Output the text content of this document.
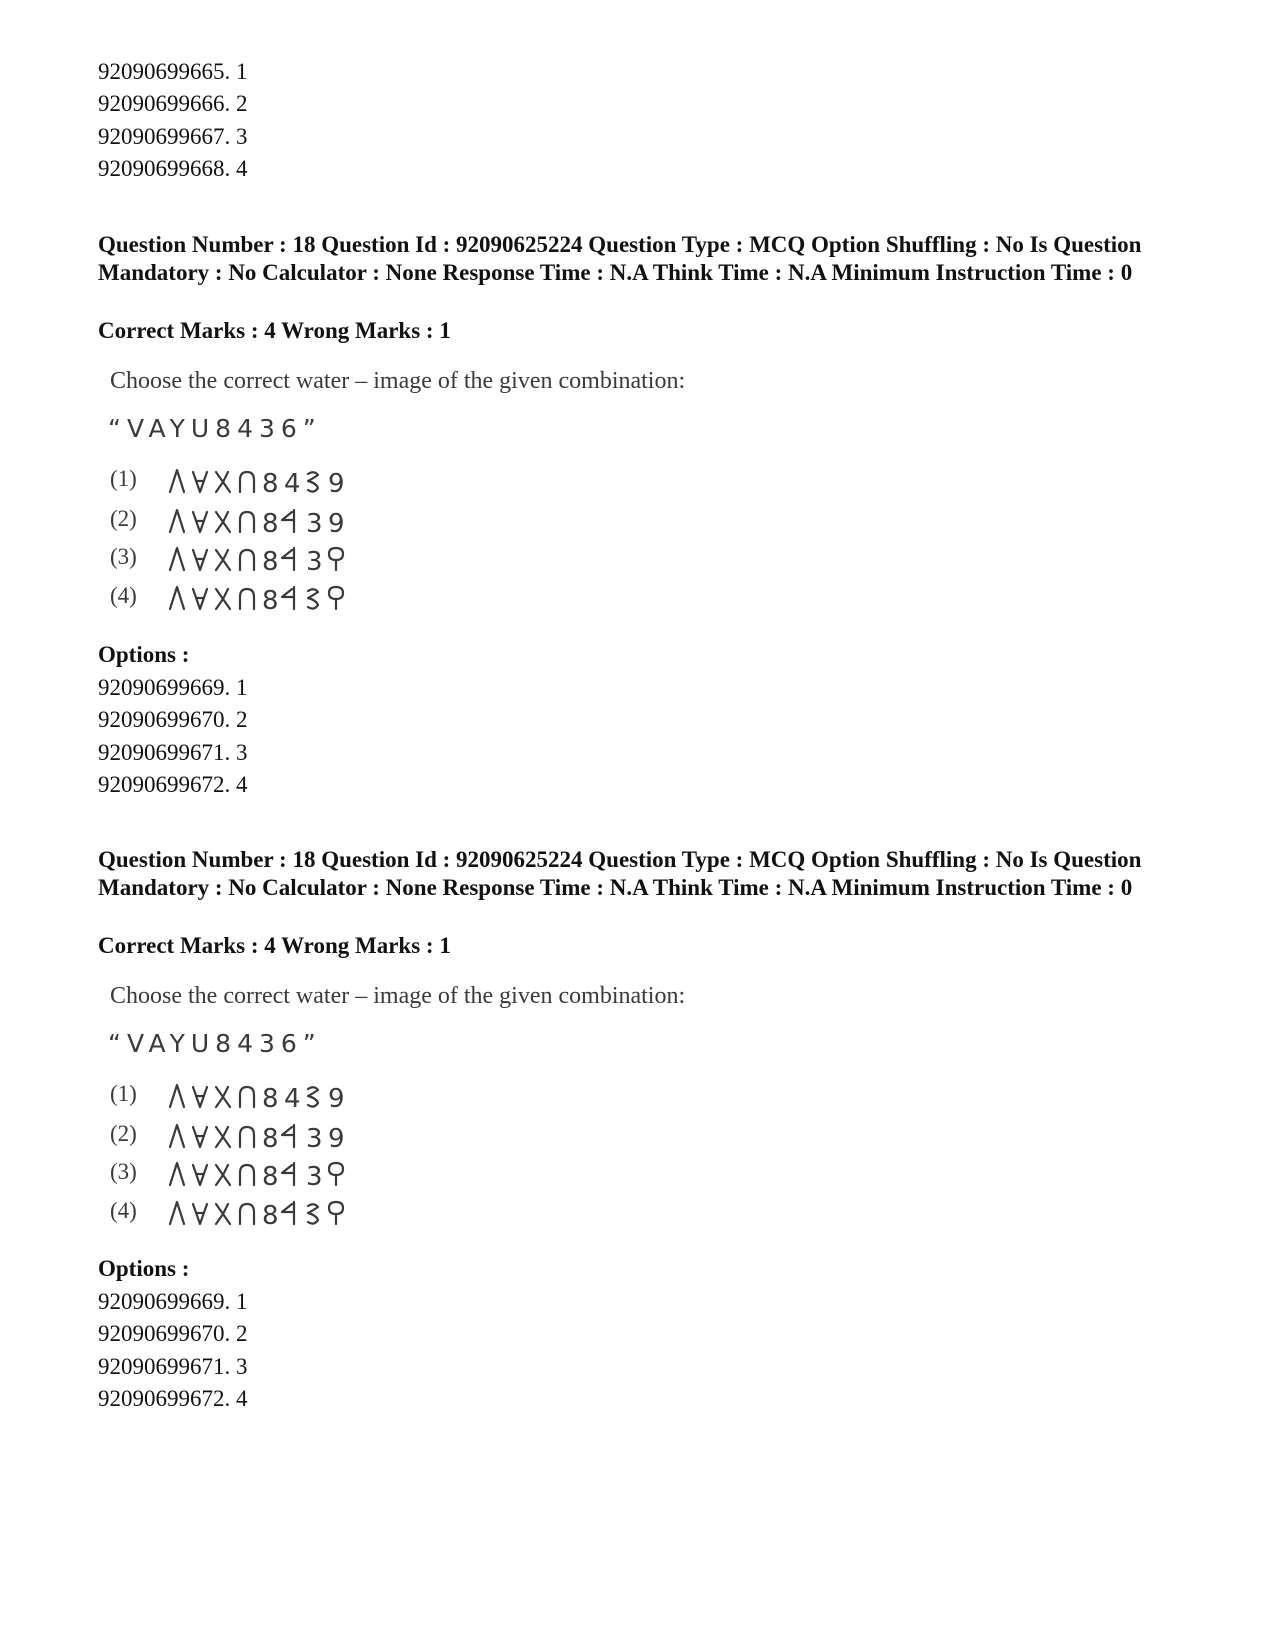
92090699665. 1
92090699666. 2
92090699667. 3
92090699668. 4
Question Number : 18 Question Id : 92090625224 Question Type : MCQ Option Shuffling : No Is Question Mandatory : No Calculator : None Response Time : N.A Think Time : N.A Minimum Instruction Time : 0
Correct Marks : 4 Wrong Marks : 1
Choose the correct water – image of the given combination:
“VAYU8436”
(1)	8 4 9
(2)	8 3 9
(3)	8 3
(4)	8
Options :
92090699669. 1
92090699670. 2
92090699671. 3
92090699672. 4
Question Number : 18 Question Id : 92090625224 Question Type : MCQ Option Shuffling : No Is Question Mandatory : No Calculator : None Response Time : N.A Think Time : N.A Minimum Instruction Time : 0
Correct Marks : 4 Wrong Marks : 1
Choose the correct water – image of the given combination:
“VAYU8436”
(1)	8 4 9
(2)	8 3 9
(3)	8 3
(4)	8
Options :
92090699669. 1
92090699670. 2
92090699671. 3
92090699672. 4
